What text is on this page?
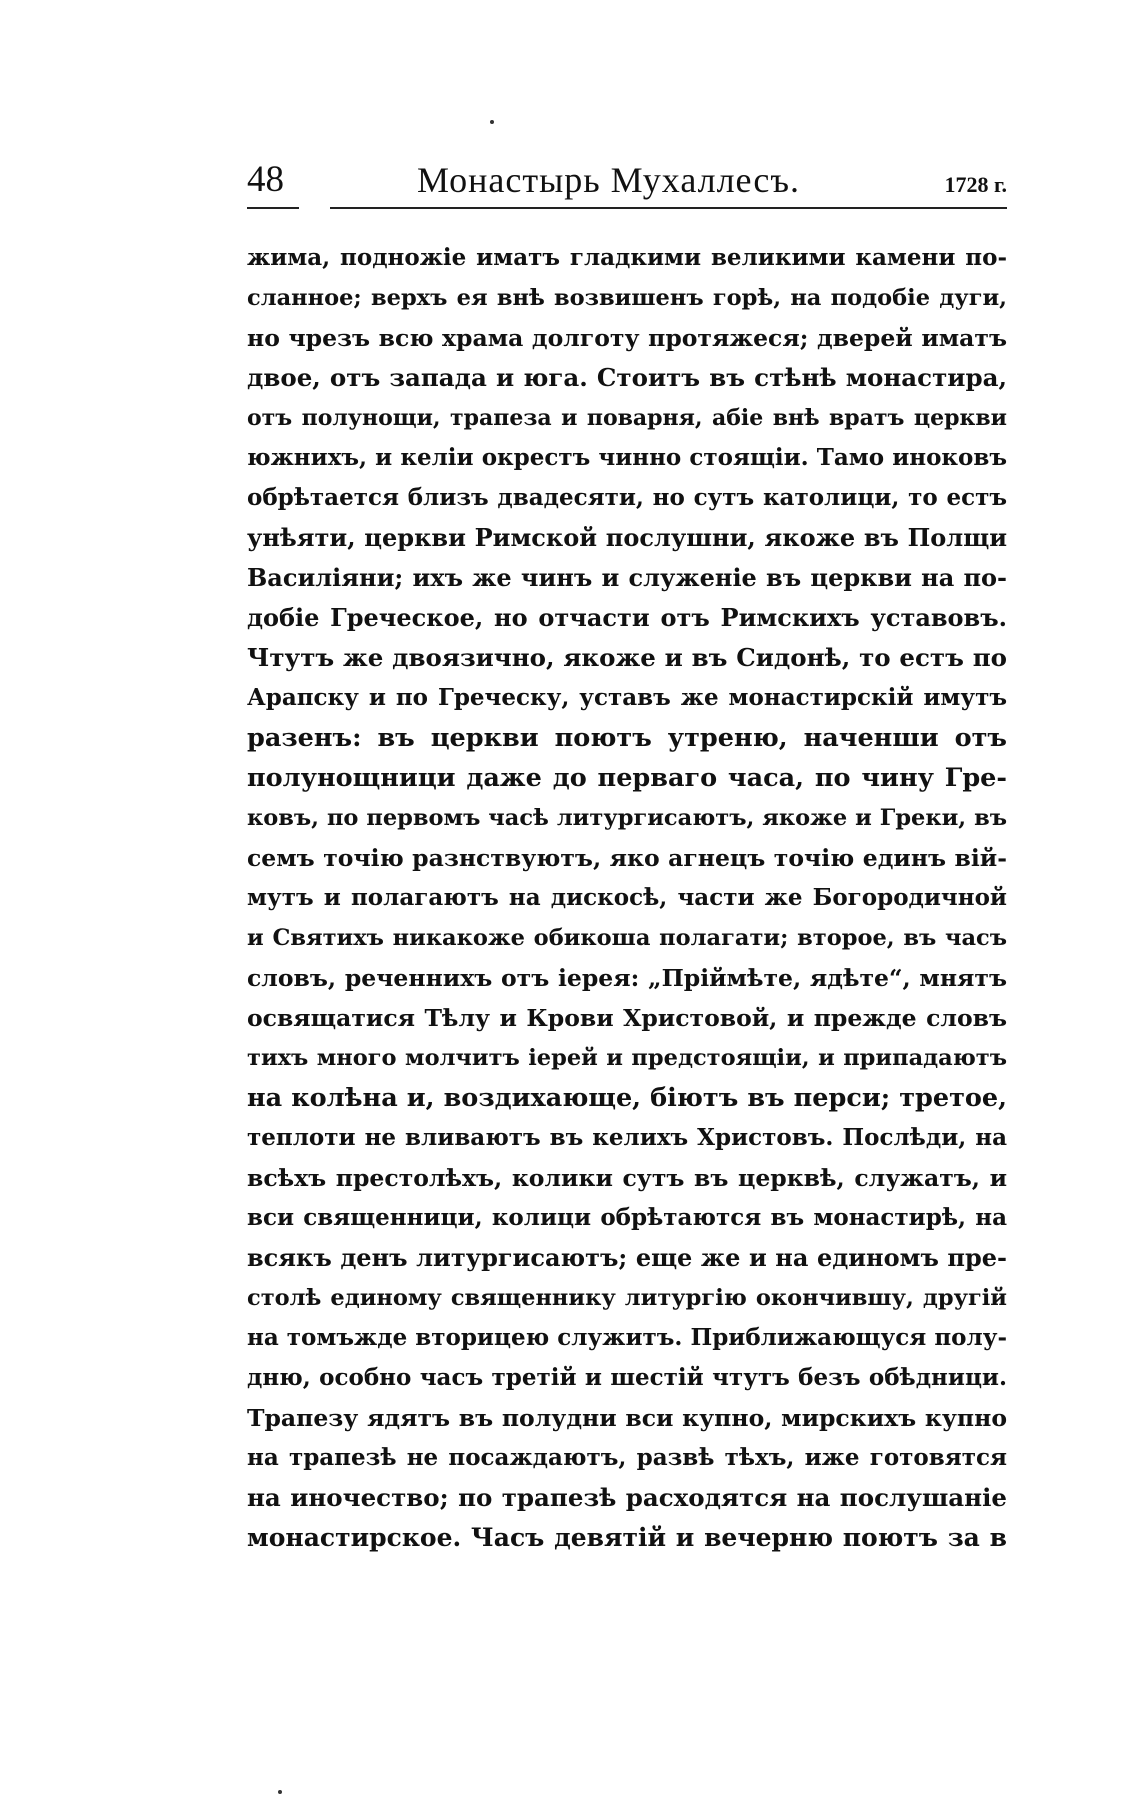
48	Монастырь Мухаллесъ.	1728 г.
жима, подножіе иматъ гладкими великими камени по-
сланное; верхъ ея внѣ возвишенъ горѣ, на подобіе дуги,
но чрезъ всю храма долготу протяжеся; дверей иматъ
двое, отъ запада и юга. Стоитъ въ стѣнѣ монастира,
отъ полунощи, трапеза и поварня, абіе внѣ вратъ церкви
южнихъ, и келіи окрестъ чинно стоящіи. Тамо иноковъ
обрѣтается близъ двадесяти, но сутъ католици, то естъ
унѣяти, церкви Римской послушни, якоже въ Полщи
Василіяни; ихъ же чинъ и служеніе въ церкви на по-
добіе Греческое, но отчасти отъ Римскихъ уставовъ.
Чтутъ же двоязично, якоже и въ Сидонѣ, то естъ по
Арапску и по Греческу, уставъ же монастирскій имутъ
разенъ: въ церкви поютъ утреню, наченши отъ
полунощници даже до перваго часа, по чину Гре-
ковъ, по первомъ часѣ литургисаютъ, якоже и Греки, въ
семъ точію разнствуютъ, яко агнецъ точію единъ вій-
мутъ и полагаютъ на дискосѣ, части же Богородичной
и Святихъ никакоже обикоша полагати; второе, въ часъ
словъ, реченнихъ отъ іерея: „Пріймѣте, ядѣте“, мнятъ
освящатися Тѣлу и Крови Христовой, и прежде словъ
тихъ много молчитъ іерей и предстоящіи, и припадаютъ
на колѣна и, воздихающе, біютъ въ перси; третое,
теплоти не вливаютъ въ келихъ Христовъ. Послѣди, на
всѣхъ престолѣхъ, колики сутъ въ церквѣ, служатъ, и
вси священници, колици обрѣтаются въ монастирѣ, на
всякъ денъ литургисаютъ; еще же и на единомъ пре-
столѣ единому священнику литургію окончившу, другій
на томъжде вторицею служитъ. Приближающуся полу-
дню, особно часъ третій и шестій чтутъ безъ обѣдници.
Трапезу ядятъ въ полудни вси купно, мирскихъ купно
на трапезѣ не посаждаютъ, развѣ тѣхъ, иже готовятся
на иночество; по трапезѣ расходятся на послушаніе
монастирское. Часъ девятій и вечерню поютъ за в
